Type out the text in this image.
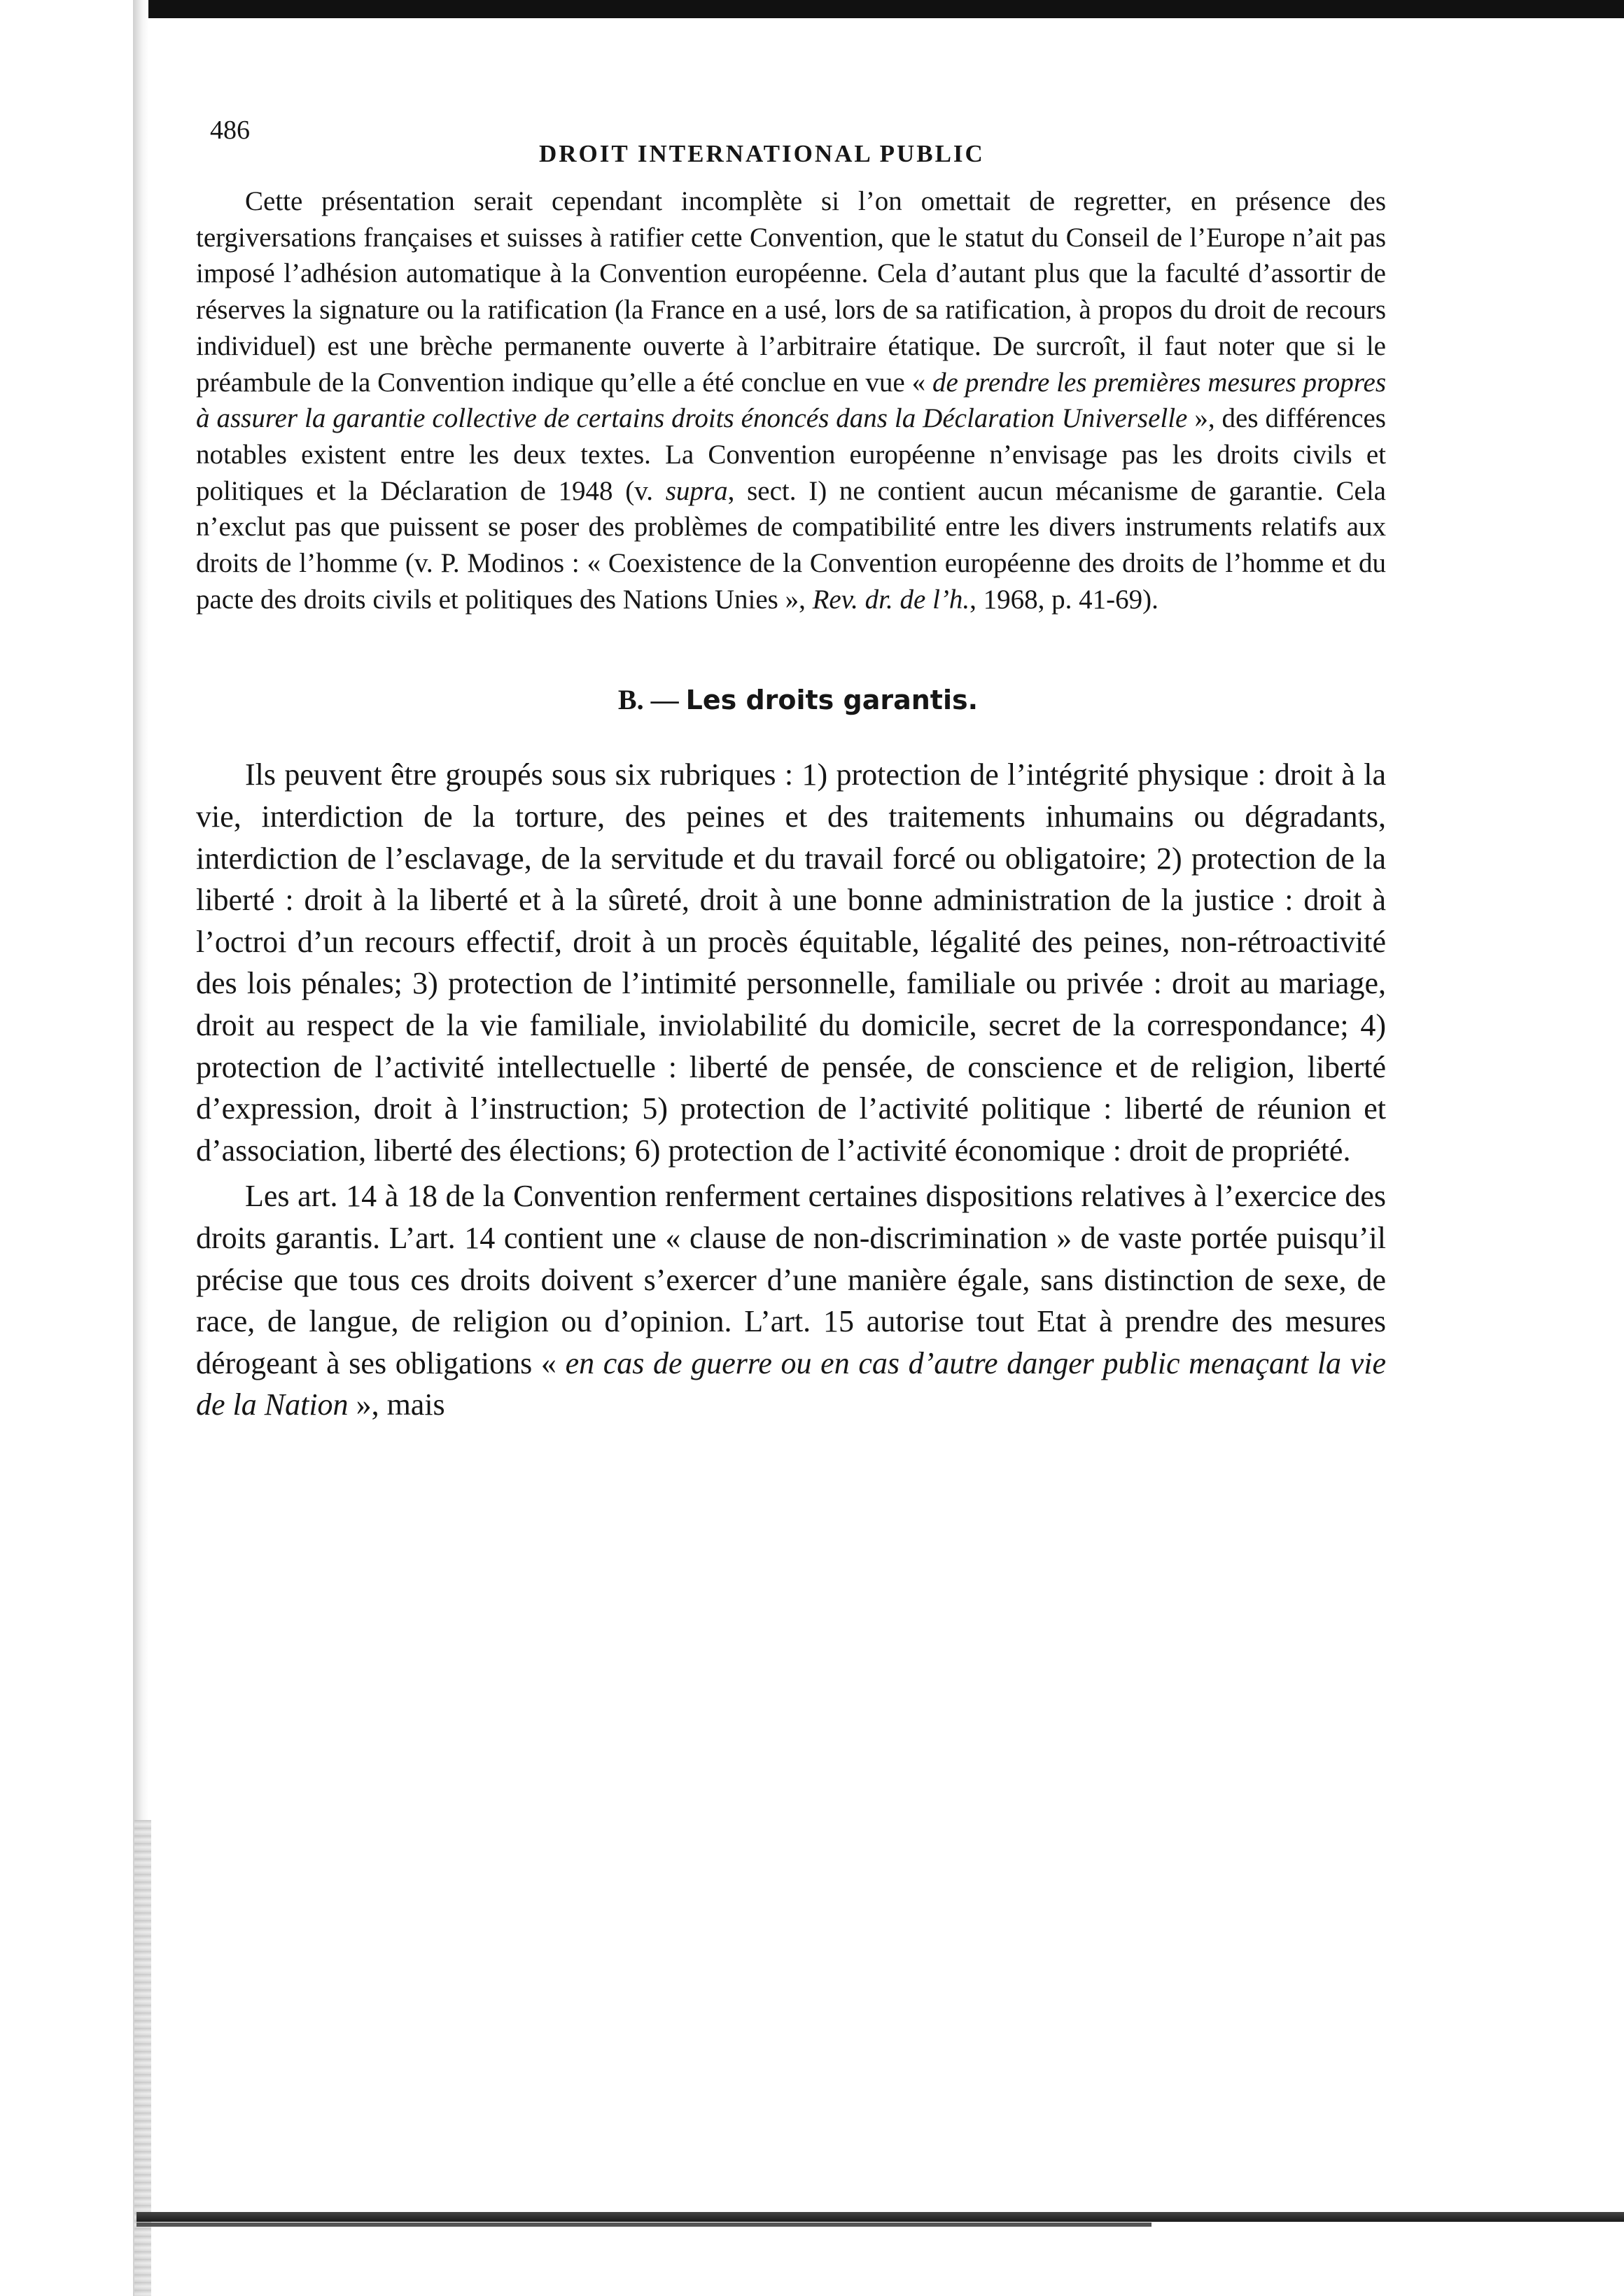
486
DROIT INTERNATIONAL PUBLIC

Cette présentation serait cependant incomplète si l’on omettait de regretter, en présence des tergiversations françaises et suisses à ratifier cette Convention, que le statut du Conseil de l’Europe n’ait pas imposé l’adhésion automatique à la Convention européenne. Cela d’autant plus que la faculté d’assortir de réserves la signature ou la ratification (la France en a usé, lors de sa ratification, à propos du droit de recours individuel) est une brèche permanente ouverte à l’arbitraire étatique. De surcroît, il faut noter que si le préambule de la Convention indique qu’elle a été conclue en vue « de prendre les premières mesures propres à assurer la garantie collective de certains droits énoncés dans la Déclaration Universelle », des différences notables existent entre les deux textes. La Convention européenne n’envisage pas les droits civils et politiques et la Déclaration de 1948 (v. supra, sect. I) ne contient aucun mécanisme de garantie. Cela n’exclut pas que puissent se poser des problèmes de compatibilité entre les divers instruments relatifs aux droits de l’homme (v. P. Modinos : « Coexistence de la Convention européenne des droits de l’homme et du pacte des droits civils et politiques des Nations Unies », Rev. dr. de l’h., 1968, p. 41-69).

B. — Les droits garantis.

Ils peuvent être groupés sous six rubriques : 1) protection de l’intégrité physique : droit à la vie, interdiction de la torture, des peines et des traitements inhumains ou dégradants, interdiction de l’esclavage, de la servitude et du travail forcé ou obligatoire; 2) protection de la liberté : droit à la liberté et à la sûreté, droit à une bonne administration de la justice : droit à l’octroi d’un recours effectif, droit à un procès équitable, légalité des peines, non-rétroactivité des lois pénales; 3) protection de l’intimité personnelle, familiale ou privée : droit au mariage, droit au respect de la vie familiale, inviolabilité du domicile, secret de la correspondance; 4) protection de l’activité intellectuelle : liberté de pensée, de conscience et de religion, liberté d’expression, droit à l’instruction; 5) protection de l’activité politique : liberté de réunion et d’association, liberté des élections; 6) protection de l’activité économique : droit de propriété.

Les art. 14 à 18 de la Convention renferment certaines dispositions relatives à l’exercice des droits garantis. L’art. 14 contient une « clause de non-discrimination » de vaste portée puisqu’il précise que tous ces droits doivent s’exercer d’une manière égale, sans distinction de sexe, de race, de langue, de religion ou d’opinion. L’art. 15 autorise tout Etat à prendre des mesures dérogeant à ses obligations « en cas de guerre ou en cas d’autre danger public menaçant la vie de la Nation », mais
